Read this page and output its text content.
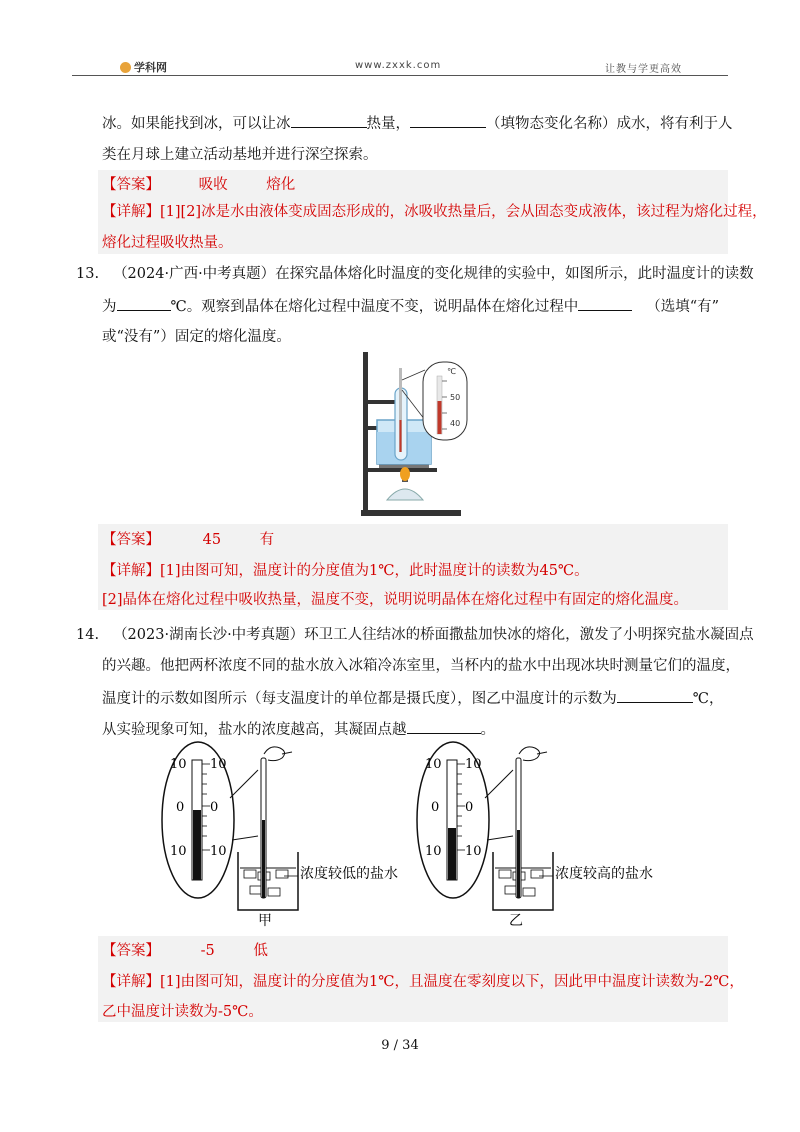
学科网	www.zxxk.com	让教与学更高效
冰。如果能找到冰，可以让冰	热量，	（填物态变化名称）成水，将有利于人
类在月球上建立活动基地并进行深空探索。
【答案】	吸收	熔化
【详解】[1][2]冰是水由液体变成固态形成的，冰吸收热量后，会从固态变成液体，该过程为熔化过程，
熔化过程吸收热量。
13. （2024·广西·中考真题）在探究晶体熔化时温度的变化规律的实验中，如图所示，此时温度计的读数
为	℃。观察到晶体在熔化过程中温度不变，说明晶体在熔化过程中	（选填“有”
或“没有”）固定的熔化温度。
℃
50
40
【答案】	45	有
【详解】[1]由图可知，温度计的分度值为1℃，此时温度计的读数为45℃。
[2]晶体在熔化过程中吸收热量，温度不变，说明说明晶体在熔化过程中有固定的熔化温度。
14. （2023·湖南长沙·中考真题）环卫工人往结冰的桥面撒盐加快冰的熔化，激发了小明探究盐水凝固点
的兴趣。他把两杯浓度不同的盐水放入冰箱冷冻室里，当杯内的盐水中出现冰块时测量它们的温度，
温度计的示数如图所示（每支温度计的单位都是摄氏度），图乙中温度计的示数为	℃，
从实验现象可知，盐水的浓度越高，其凝固点越	。
10 10
0 0
10 10
浓度较低的盐水
甲
10 10
0 0
10 10
浓度较高的盐水
乙
【答案】	-5	低
【详解】[1]由图可知，温度计的分度值为1℃，且温度在零刻度以下，因此甲中温度计读数为-2℃，
乙中温度计读数为-5℃。
9 / 34
